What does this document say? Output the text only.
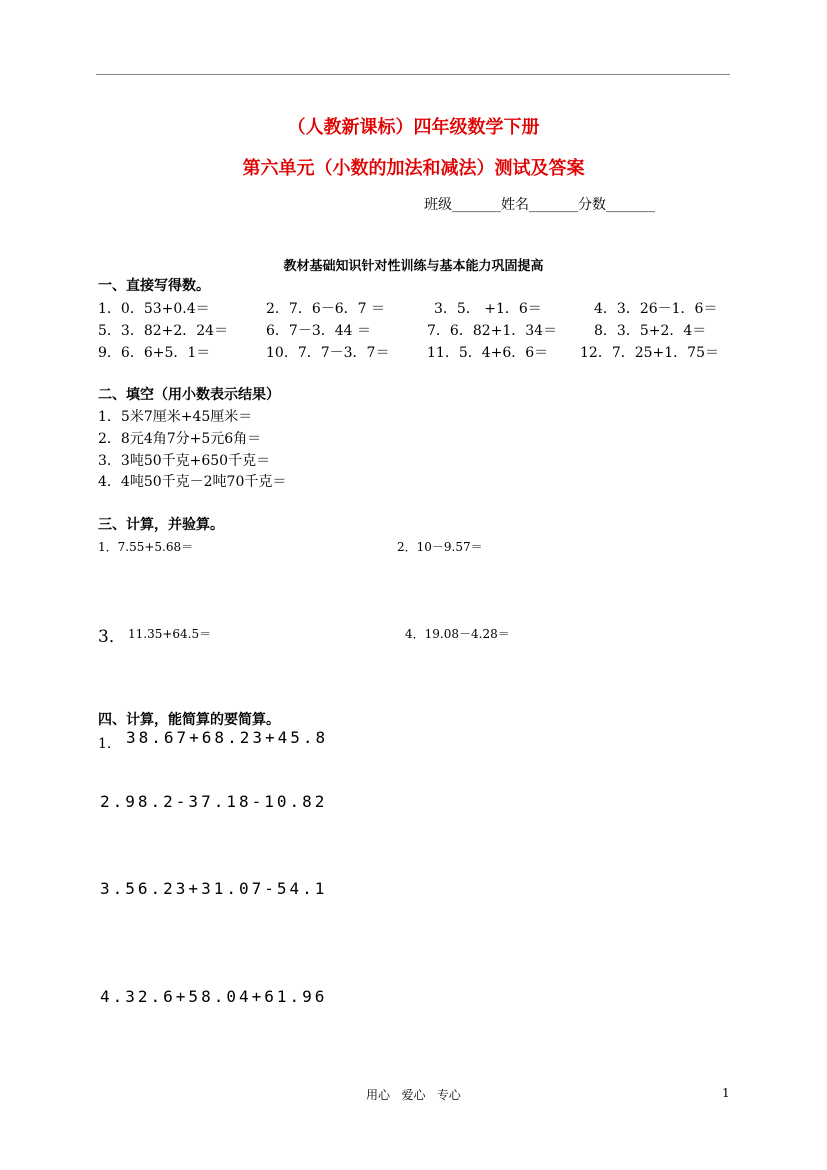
（人教新课标）四年级数学下册
第六单元（小数的加法和减法）测试及答案
班级_______姓名_______分数_______
教材基础知识针对性训练与基本能力巩固提高
一、直接写得数。
1．0．53+0.4＝	2．7．6－6．7 ＝	3．5． +1．6＝	4．3．26－1．6＝
5．3．82+2．24＝	6．7－3．44 ＝	7．6．82+1．34＝	8．3．5+2．4＝
9．6．6+5．1＝	10．7．7－3．7＝	11．5．4+6．6＝ 12．7．25+1．75＝
二、填空（用小数表示结果）
1．5米7厘米+45厘米＝
2．8元4角7分+5元6角＝
3．3吨50千克+650千克＝
4．4吨50千克－2吨70千克＝
三、计算，并验算。
1．7.55+5.68＝	2．10－9.57＝
3． 11.35+64.5＝	4．19.08－4.28＝
四、计算，能简算的要简算。
1． 38.67+68.23+45.8
2.98.2-37.18-10.82
3.56.23+31.07-54.1
4.32.6+58.04+61.96
用心   爱心   专心	1
